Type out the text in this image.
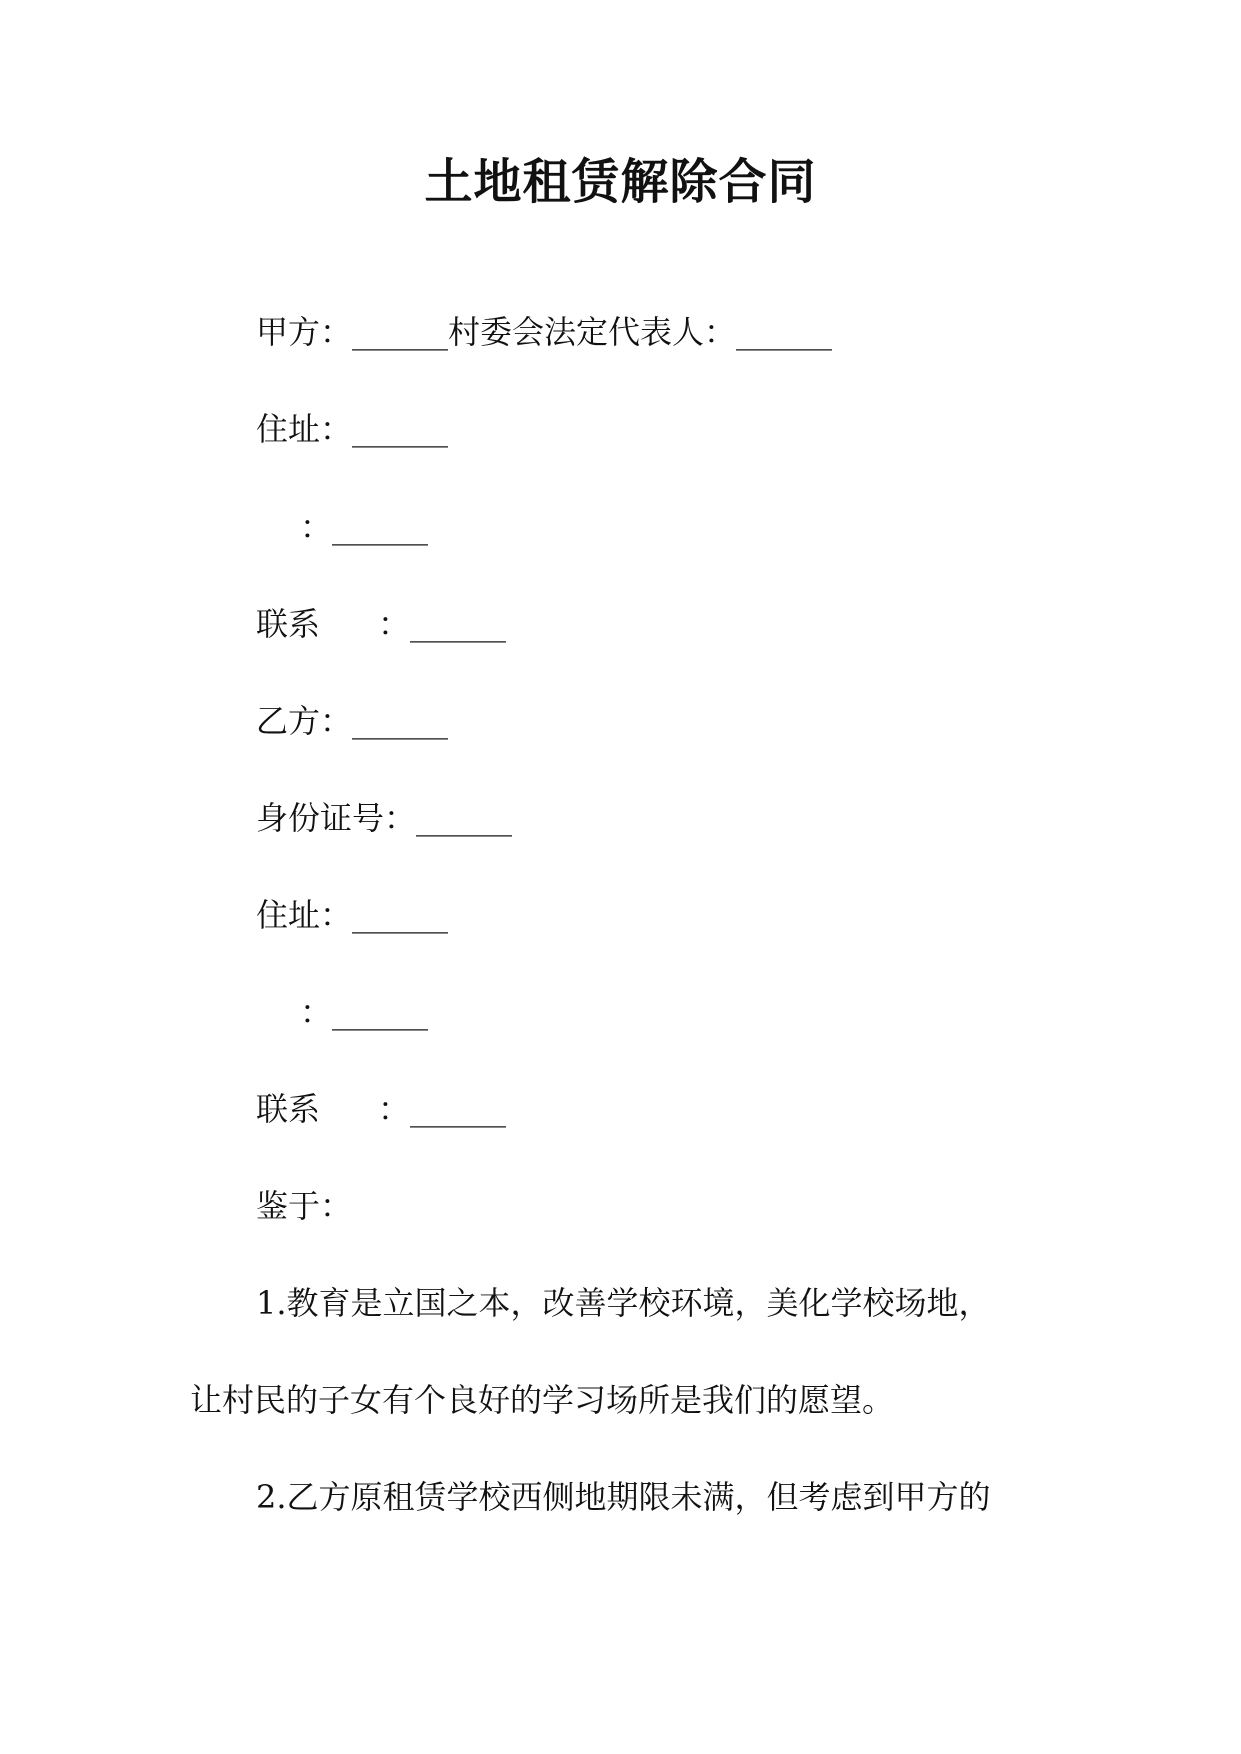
土地租赁解除合同
甲方：______村委会法定代表人：______
住址：______
：______
联系 ：______
乙方：______
身份证号：______
住址：______
：______
联系 ：______
鉴于：
1.教育是立国之本，改善学校环境，美化学校场地，
让村民的子女有个良好的学习场所是我们的愿望。
2.乙方原租赁学校西侧地期限未满，但考虑到甲方的
